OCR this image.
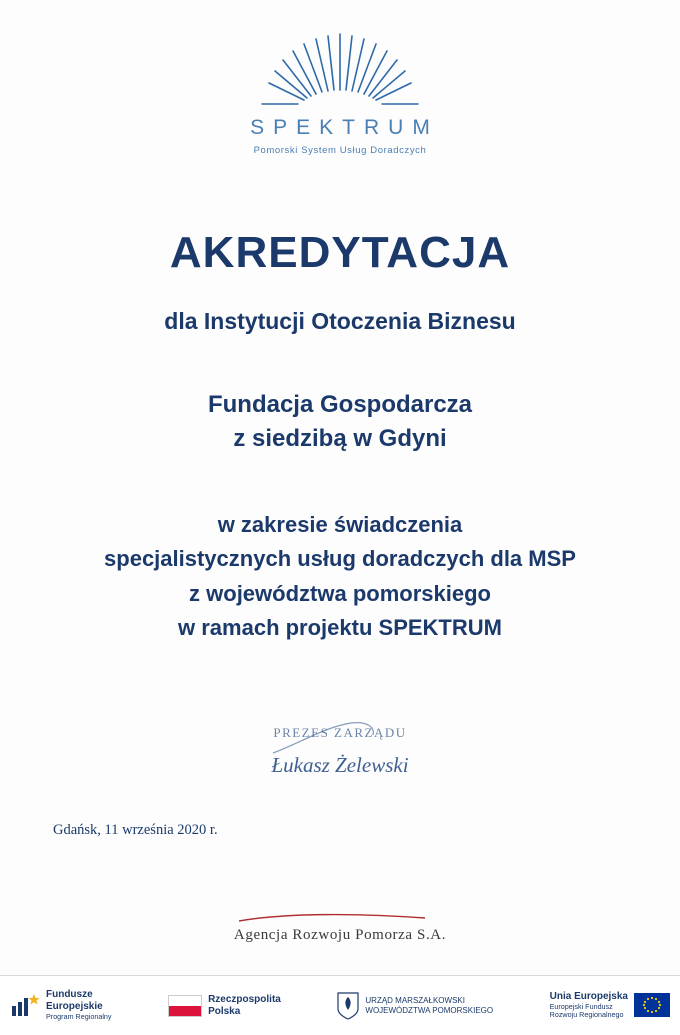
SPEKTRUM
Pomorski System Usług Doradczych
AKREDYTACJA
dla Instytucji Otoczenia Biznesu
Fundacja Gospodarcza
z siedzibą w Gdyni
w zakresie świadczenia
specjalistycznych usług doradczych dla MSP
z województwa pomorskiego
w ramach projektu SPEKTRUM
PREZES ZARZĄDU
Łukasz Żelewski
Gdańsk, 11 września 2020 r.
Agencja Rozwoju Pomorza S.A.
Fundusze
Europejskie
Program Regionalny
Rzeczpospolita
Polska
URZĄD MARSZAŁKOWSKI
WOJEWÓDZTWA POMORSKIEGO
Unia Europejska
Europejski Fundusz
Rozwoju Regionalnego
